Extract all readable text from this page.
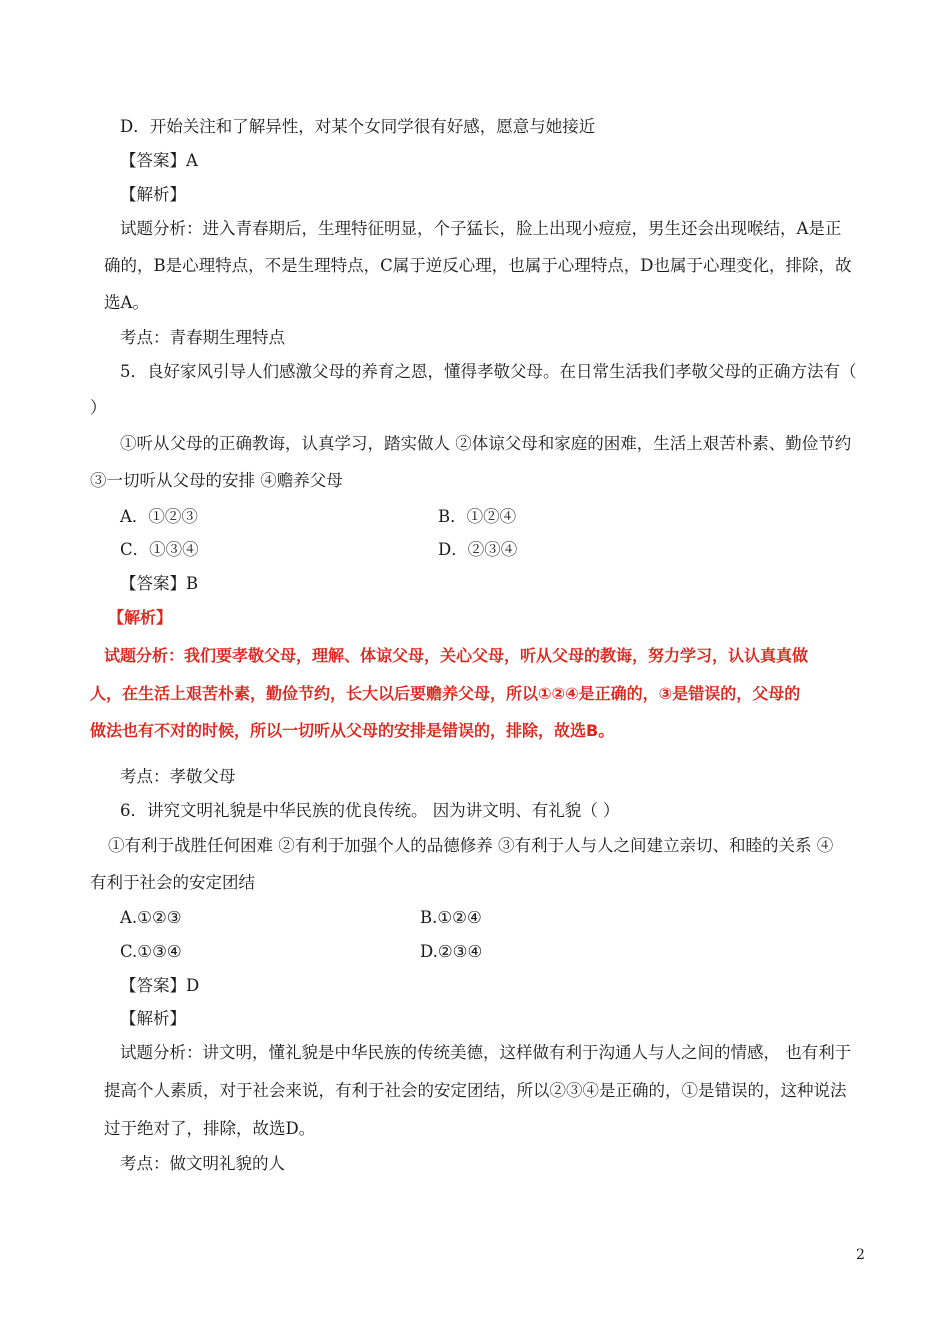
D．开始关注和了解异性，对某个女同学很有好感，愿意与她接近
【答案】A
【解析】
试题分析：进入青春期后，生理特征明显，个子猛长，脸上出现小痘痘，男生还会出现喉结，A是正
确的，B是心理特点，不是生理特点，C属于逆反心理，也属于心理特点，D也属于心理变化，排除，故
选A。
考点：青春期生理特点
5．良好家风引导人们感激父母的养育之恩，懂得孝敬父母。在日常生活我们孝敬父母的正确方法有（
）
①听从父母的正确教诲，认真学习，踏实做人 ②体谅父母和家庭的困难，生活上艰苦朴素、勤俭节约
③一切听从父母的安排 ④赡养父母
A．①②③	B．①②④
C．①③④	D．②③④
【答案】B
【解析】
试题分析：我们要孝敬父母，理解、体谅父母，关心父母，听从父母的教诲，努力学习，认认真真做
人，在生活上艰苦朴素，勤俭节约，长大以后要赡养父母，所以①②④是正确的，③是错误的，父母的
做法也有不对的时候，所以一切听从父母的安排是错误的，排除，故选B。
考点：孝敬父母
6．讲究文明礼貌是中华民族的优良传统。 因为讲文明、有礼貌（ ）
①有利于战胜任何困难 ②有利于加强个人的品德修养 ③有利于人与人之间建立亲切、和睦的关系 ④
有利于社会的安定团结
A.①②③	B.①②④
C.①③④	D.②③④
【答案】D
【解析】
试题分析：讲文明，懂礼貌是中华民族的传统美德，这样做有利于沟通人与人之间的情感， 也有利于
提高个人素质，对于社会来说，有利于社会的安定团结，所以②③④是正确的，①是错误的，这种说法
过于绝对了，排除，故选D。
考点：做文明礼貌的人
2
